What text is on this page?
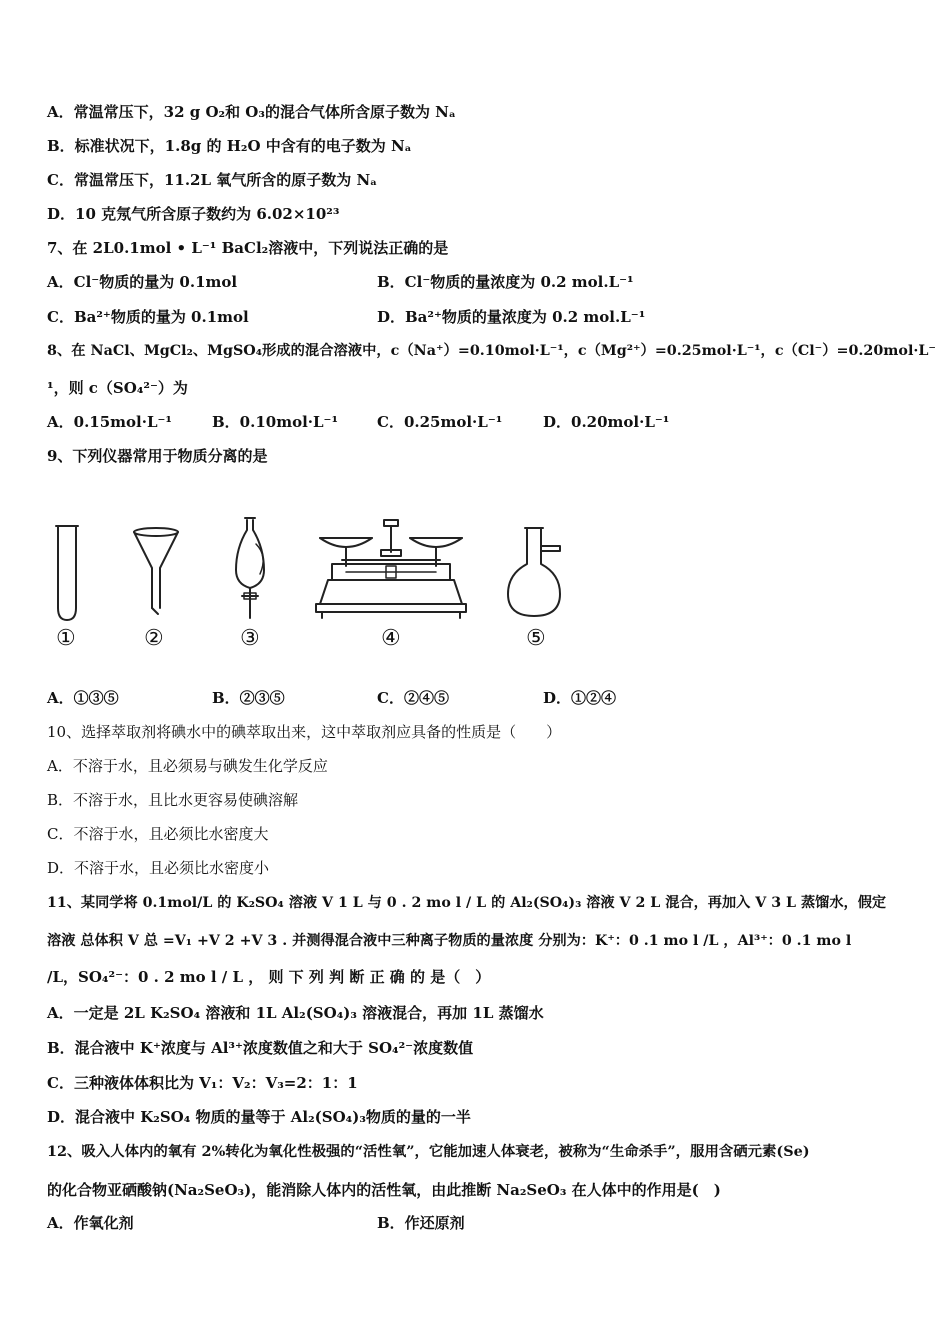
A．常温常压下，32 g O₂和 O₃的混合气体所含原子数为 Nₐ
B．标准状况下，1.8g 的 H₂O 中含有的电子数为 Nₐ
C．常温常压下，11.2L 氧气所含的原子数为 Nₐ
D．10 克氖气所含原子数约为 6.02×10²³
7、在 2L0.1mol • L⁻¹ BaCl₂溶液中，下列说法正确的是
A．Cl⁻物质的量为 0.1mol	B．Cl⁻物质的量浓度为 0.2 mol.L⁻¹
C．Ba²⁺物质的量为 0.1mol	D．Ba²⁺物质的量浓度为 0.2 mol.L⁻¹
8、在 NaCl、MgCl₂、MgSO₄形成的混合溶液中，c（Na⁺）=0.10mol·L⁻¹，c（Mg²⁺）=0.25mol·L⁻¹，c（Cl⁻）=0.20mol·L⁻
¹，则 c（SO₄²⁻）为
A．0.15mol·L⁻¹	B．0.10mol·L⁻¹	C．0.25mol·L⁻¹	D．0.20mol·L⁻¹
9、下列仪器常用于物质分离的是
①	②	③	④	⑤
A．①③⑤	B．②③⑤	C．②④⑤	D．①②④
10、选择萃取剂将碘水中的碘萃取出来，这中萃取剂应具备的性质是（　　）
A．不溶于水，且必须易与碘发生化学反应
B．不溶于水，且比水更容易使碘溶解
C．不溶于水，且必须比水密度大
D．不溶于水，且必须比水密度小
11、某同学将 0.1mol/L 的 K₂SO₄ 溶液 V 1 L 与 0 . 2 mo l / L 的 Al₂(SO₄)₃ 溶液 V 2 L 混合，再加入 V 3 L 蒸馏水，假定
溶液 总体积 V 总 =V₁ +V 2 +V 3 . 并测得混合液中三种离子物质的量浓度 分别为：K⁺：0 .1 mo l /L ，Al³⁺：0 .1 mo l
/L，SO₄²⁻：0 . 2 mo l / L ， 则 下 列 判 断 正 确 的 是（　）
A．一定是 2L K₂SO₄ 溶液和 1L Al₂(SO₄)₃ 溶液混合，再加 1L 蒸馏水
B．混合液中 K⁺浓度与 Al³⁺浓度数值之和大于 SO₄²⁻浓度数值
C．三种液体体积比为 V₁：V₂：V₃=2：1：1
D．混合液中 K₂SO₄ 物质的量等于 Al₂(SO₄)₃物质的量的一半
12、吸入人体内的氧有 2%转化为氧化性极强的“活性氧”，它能加速人体衰老，被称为“生命杀手”，服用含硒元素(Se)
的化合物亚硒酸钠(Na₂SeO₃)，能消除人体内的活性氧，由此推断 Na₂SeO₃ 在人体中的作用是(　)
A．作氧化剂	B．作还原剂
